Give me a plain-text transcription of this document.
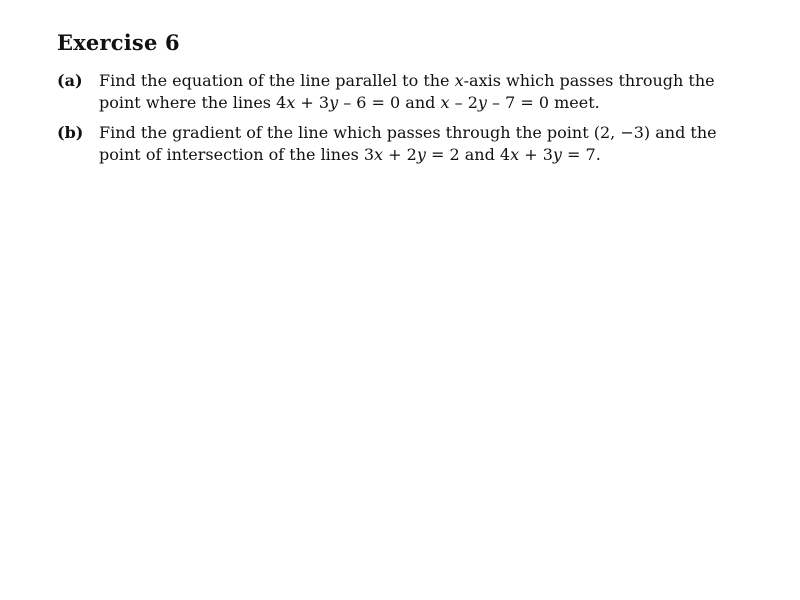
Exercise 6
(a) Find the equation of the line parallel to the x-axis which passes through the
point where the lines 4x + 3y – 6 = 0 and x – 2y – 7 = 0 meet.
(b) Find the gradient of the line which passes through the point (2, −3) and the
point of intersection of the lines 3x + 2y = 2 and 4x + 3y = 7.
